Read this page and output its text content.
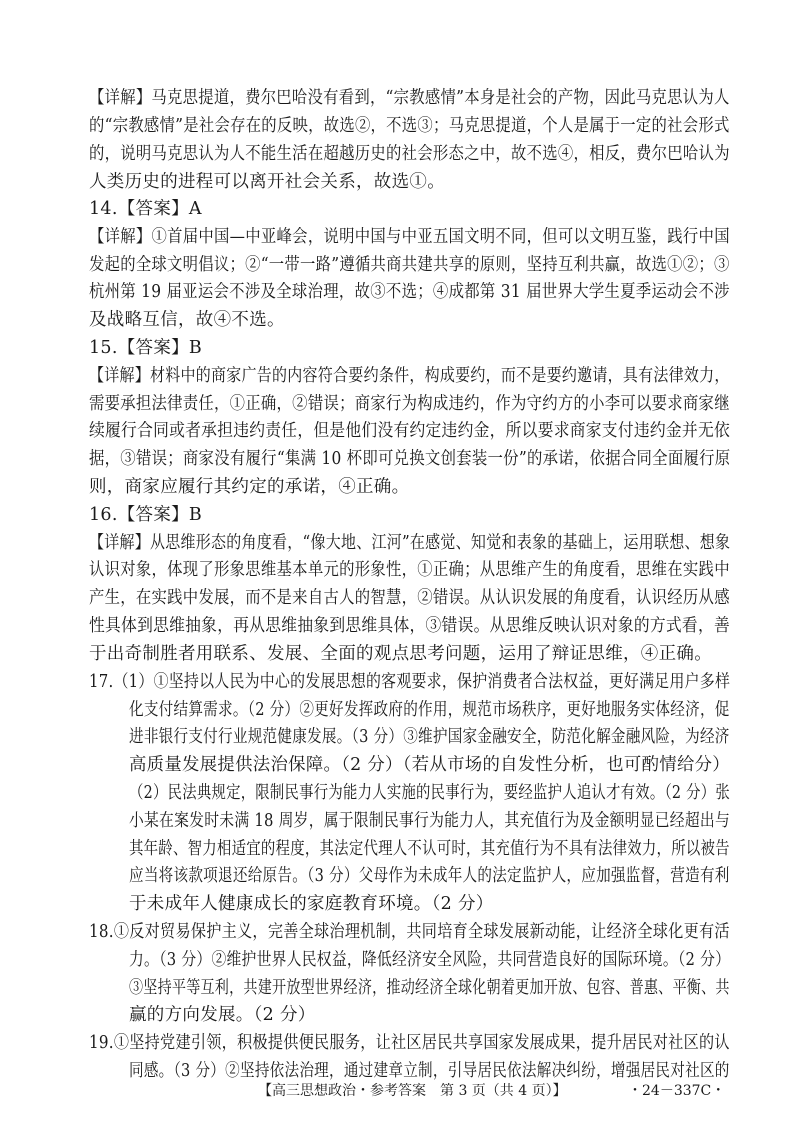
【详解】马克思提道，费尔巴哈没有看到，“宗教感情”本身是社会的产物，因此马克思认为人
的“宗教感情”是社会存在的反映，故选②，不选③；马克思提道，个人是属于一定的社会形式
的，说明马克思认为人不能生活在超越历史的社会形态之中，故不选④，相反，费尔巴哈认为
人类历史的进程可以离开社会关系，故选①。
14.【答案】A
【详解】①首届中国—中亚峰会，说明中国与中亚五国文明不同，但可以文明互鉴，践行中国
发起的全球文明倡议；②“一带一路”遵循共商共建共享的原则，坚持互利共赢，故选①②；③
杭州第 19 届亚运会不涉及全球治理，故③不选；④成都第 31 届世界大学生夏季运动会不涉
及战略互信，故④不选。
15.【答案】B
【详解】材料中的商家广告的内容符合要约条件，构成要约，而不是要约邀请，具有法律效力，
需要承担法律责任，①正确，②错误；商家行为构成违约，作为守约方的小李可以要求商家继
续履行合同或者承担违约责任，但是他们没有约定违约金，所以要求商家支付违约金并无依
据，③错误；商家没有履行“集满 10 杯即可兑换文创套装一份”的承诺，依据合同全面履行原
则，商家应履行其约定的承诺，④正确。
16.【答案】B
【详解】从思维形态的角度看，“像大地、江河”在感觉、知觉和表象的基础上，运用联想、想象
认识对象，体现了形象思维基本单元的形象性，①正确；从思维产生的角度看，思维在实践中
产生，在实践中发展，而不是来自古人的智慧，②错误。从认识发展的角度看，认识经历从感
性具体到思维抽象，再从思维抽象到思维具体，③错误。从思维反映认识对象的方式看，善
于出奇制胜者用联系、发展、全面的观点思考问题，运用了辩证思维，④正确。
17.（1）①坚持以人民为中心的发展思想的客观要求，保护消费者合法权益，更好满足用户多样
化支付结算需求。（2 分）②更好发挥政府的作用，规范市场秩序，更好地服务实体经济，促
进非银行支付行业规范健康发展。（3 分）③维护国家金融安全，防范化解金融风险，为经济
高质量发展提供法治保障。（2 分）（若从市场的自发性分析，也可酌情给分）
（2）民法典规定，限制民事行为能力人实施的民事行为，要经监护人追认才有效。（2 分）张
小某在案发时未满 18 周岁，属于限制民事行为能力人，其充值行为及金额明显已经超出与
其年龄、智力相适宜的程度，其法定代理人不认可时，其充值行为不具有法律效力，所以被告
应当将该款项退还给原告。（3 分）父母作为未成年人的法定监护人，应加强监督，营造有利
于未成年人健康成长的家庭教育环境。（2 分）
18.①反对贸易保护主义，完善全球治理机制，共同培育全球发展新动能，让经济全球化更有活
力。（3 分）②维护世界人民权益，降低经济安全风险，共同营造良好的国际环境。（2 分）
③坚持平等互利，共建开放型世界经济，推动经济全球化朝着更加开放、包容、普惠、平衡、共
赢的方向发展。（2 分）
19.①坚持党建引领，积极提供便民服务，让社区居民共享国家发展成果，提升居民对社区的认
同感。（3 分）②坚持依法治理，通过建章立制，引导居民依法解决纠纷，增强居民对社区的
【高三思想政治・参考答案　第 3 页（共 4 页）】	・24－337C・
